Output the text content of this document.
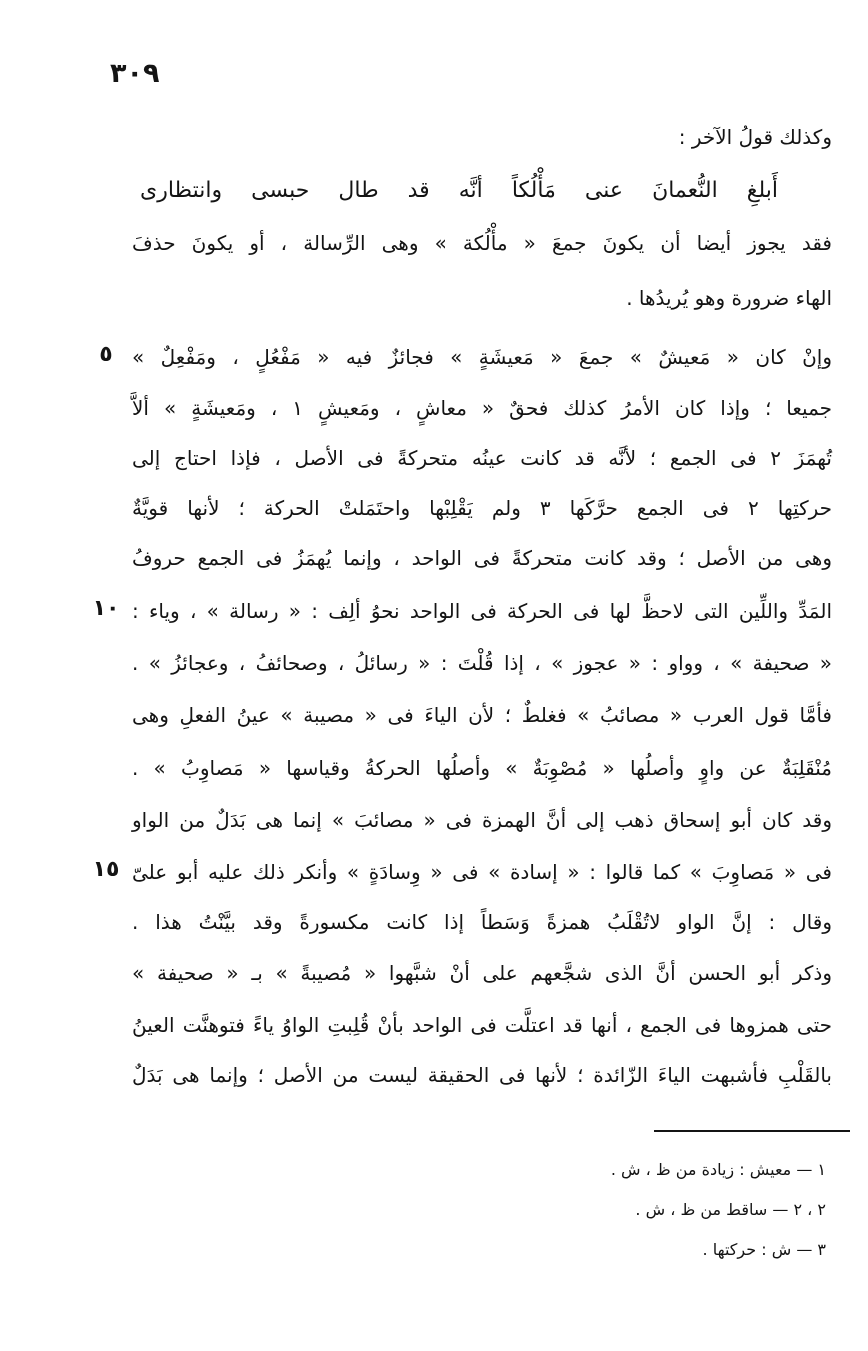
٣٠٩
وكذلك قولُ الآخر :
أَبلغِ النُّعمانَ عنى مَأْلُكاً أنَّه قد طال حبسى وانتظارى
فقد يجوز أيضا أن يكونَ جمعَ « مأْلُكة » وهى الرِّسالة ، أو يكونَ حذفَ
الهاء ضرورة وهو يُريدُها .
وإنْ كان « مَعيشٌ » جمعَ « مَعيشَةٍ » فجائزٌ فيه « مَفْعُلٍ ، ومَفْعِلٌ »
٥
جميعا ؛ وإذا كان الأمرُ كذلك فحقٌ « معاشٍ ، ومَعيشٍ ١ ، ومَعيشَةٍ » ألاَّ
تُهمَزَ ٢ فى الجمع ؛ لأنَّه قد كانت عينُه متحركةً فى الأصل ، فإذا احتاج إلى
حركتِها ٢ فى الجمع حرَّكَها ٣ ولم يَقْلِبْها واحتَمَلتْ الحركة ؛ لأنها قويَّةٌ
وهى من الأصل ؛ وقد كانت متحركةً فى الواحد ، وإنما يُهمَزُ فى الجمع حروفُ
المَدِّ واللِّين التى لاحظَّ لها فى الحركة فى الواحد نحوُ ألِف : « رسالة » ، وياء :
١٠
« صحيفة » ، وواو : « عجوز » ، إذا قُلْتَ : « رسائلُ ، وصحائفُ ، وعجائزُ » .
فأمَّا قول العرب « مصائبُ » فغلطٌ ؛ لأن الياءَ فى « مصيبة » عينُ الفعلِ وهى
مُنْقَلِبَةٌ عن واوٍ وأصلُها « مُصْوِبَةٌ » وأصلُها الحركةُ وقياسها « مَصاوِبُ » .
وقد كان أبو إسحاق ذهب إلى أنَّ الهمزة فى « مصائبَ » إنما هى بَدَلٌ من الواو
فى « مَصاوِبَ » كما قالوا : « إسادة » فى « وِسادَةٍ » وأنكر ذلك عليه أبو علىّ
١٥
وقال : إنَّ الواو لاتُقْلَبُ همزةً وَسَطاً إذا كانت مكسورةً وقد بيَّنْتُ هذا .
وذكر أبو الحسن أنَّ الذى شجَّعهم على أنْ شبَّهوا « مُصيبةً » بـ « صحيفة »
حتى همزوها فى الجمع ، أنها قد اعتلَّت فى الواحد بأنْ قُلِبتِ الواوُ ياءً فتوهنَّت العينُ
بالقَلْبِ فأشبهت الياءَ الزّائدة ؛ لأنها فى الحقيقة ليست من الأصل ؛ وإنما هى بَدَلٌ
١ — معيش : زيادة من ظ ، ش .
٢ ، ٢ — ساقط من ظ ، ش .
٣ — ش : حركتها .
